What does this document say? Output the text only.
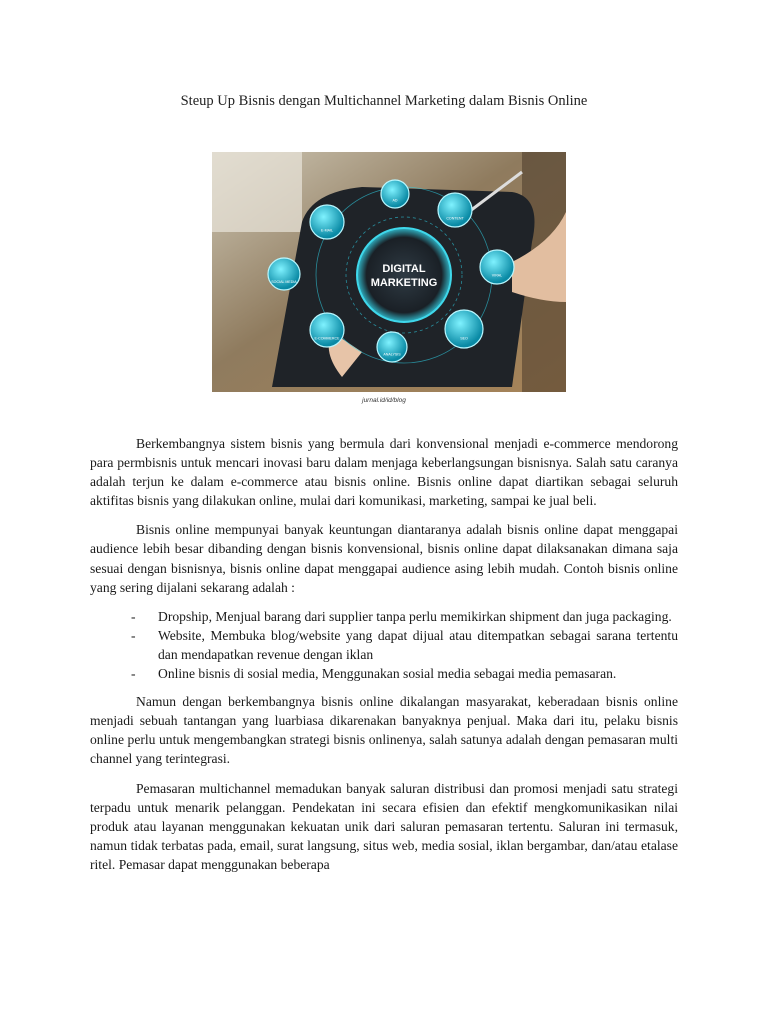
Steup Up Bisnis dengan Multichannel Marketing dalam Bisnis Online
DIGITAL
MARKETING
E-MAIL
AD
CONTENT
VIRAL
SEO
ANALYSIS
E-COMMERCE
SOCIAL MEDIA
jurnal.id/id/blog

Berkembangnya sistem bisnis yang bermula dari konvensional menjadi e-commerce mendorong para permbisnis untuk mencari inovasi baru dalam menjaga keberlangsungan bisnisnya. Salah satu caranya adalah terjun ke dalam e-commerce atau bisnis online. Bisnis online dapat diartikan sebagai seluruh aktifitas bisnis yang dilakukan online, mulai dari komunikasi, marketing, sampai ke jual beli.

Bisnis online mempunyai banyak keuntungan diantaranya adalah bisnis online dapat menggapai audience lebih besar dibanding dengan bisnis konvensional, bisnis online dapat dilaksanakan dimana saja sesuai dengan bisnisnya, bisnis online dapat menggapai audience asing lebih mudah. Contoh bisnis online yang sering dijalani sekarang adalah :

- Dropship, Menjual barang dari supplier tanpa perlu memikirkan shipment dan juga packaging.
- Website, Membuka blog/website yang dapat dijual atau ditempatkan sebagai sarana tertentu dan mendapatkan revenue dengan iklan
- Online bisnis di sosial media, Menggunakan sosial media sebagai media pemasaran.

Namun dengan berkembangnya bisnis online dikalangan masyarakat, keberadaan bisnis online menjadi sebuah tantangan yang luarbiasa dikarenakan banyaknya penjual. Maka dari itu, pelaku bisnis online perlu untuk mengembangkan strategi bisnis onlinenya, salah satunya adalah dengan pemasaran multi channel yang terintegrasi.

Pemasaran multichannel memadukan banyak saluran distribusi dan promosi menjadi satu strategi terpadu untuk menarik pelanggan. Pendekatan ini secara efisien dan efektif mengkomunikasikan nilai produk atau layanan menggunakan kekuatan unik dari saluran pemasaran tertentu. Saluran ini termasuk, namun tidak terbatas pada, email, surat langsung, situs web, media sosial, iklan bergambar, dan/atau etalase ritel. Pemasar dapat menggunakan beberapa
